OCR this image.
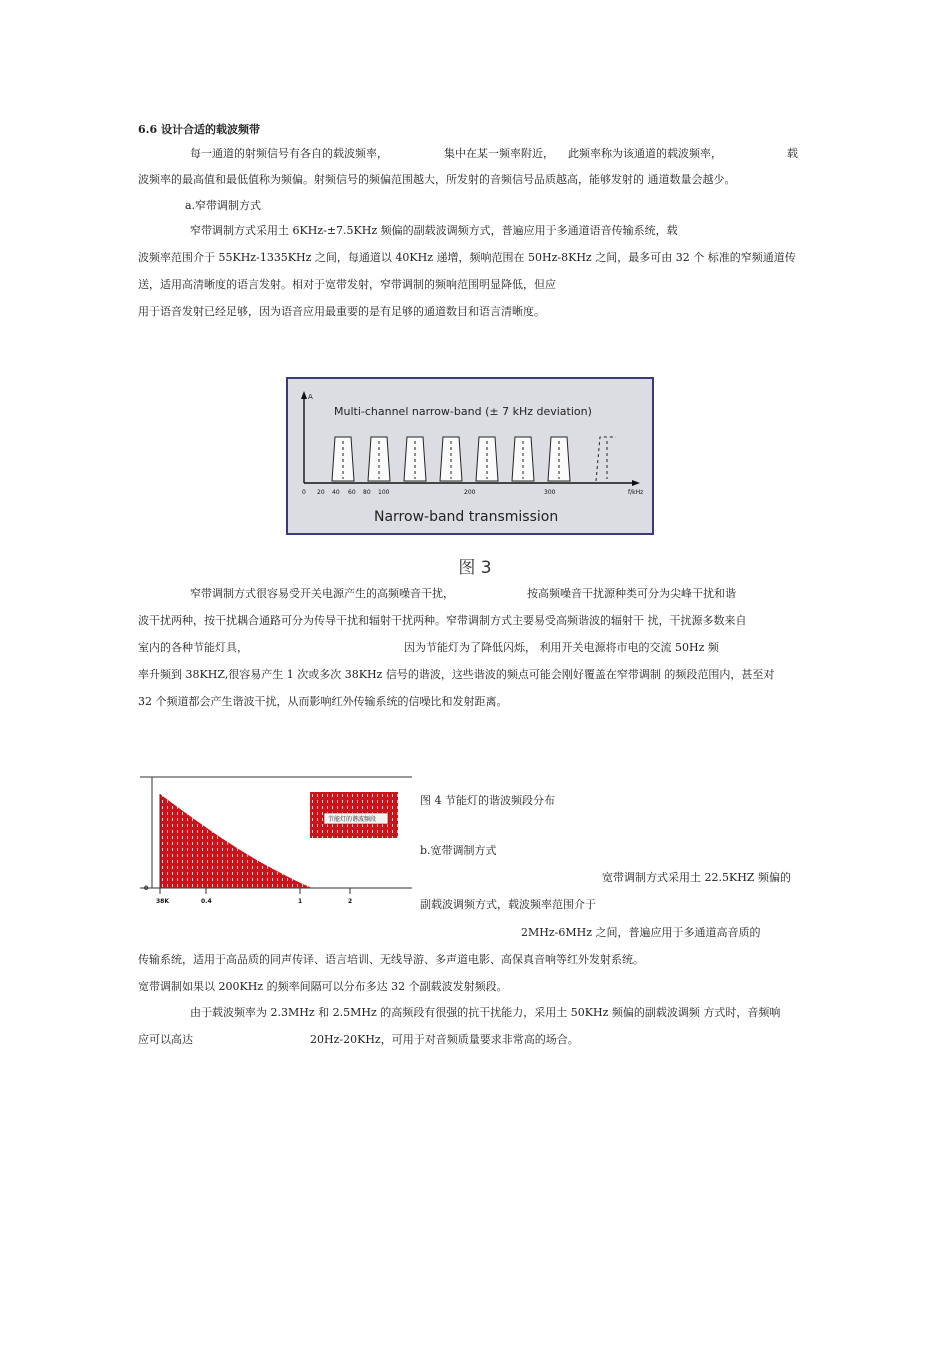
6.6 设计合适的载波频带
每一通道的射频信号有各自的载波频率，	集中在某一频率附近， 此频率称为该通道的载波频率，	载
波频率的最高值和最低值称为频偏。射频信号的频偏范围越大，所发射的音频信号品质越高，能够发射的 通道数量会越少。
a.窄带调制方式
窄带调制方式采用土 6KHz-±7.5KHz 频偏的副载波调频方式，普遍应用于多通道语音传输系统，载
波频率范围介于 55KHz-1335KHz 之间，每通道以 40KHz 递增，频响范围在 50Hz-8KHz 之间，最多可由 32 个 标准的窄频通道传
送，适用高清晰度的语言发射。相对于宽带发射，窄带调制的频响范围明显降低，但应
用于语音发射已经足够，因为语音应用最重要的是有足够的通道数目和语言清晰度。
A
Multi-channel narrow-band (± 7 kHz deviation)
0 20 40 60 80 100	200	300	f/kHz
Narrow-band transmission
图 3
窄带调制方式很容易受开关电源产生的高频噪音干扰，	按高频噪音干扰源种类可分为尖峰干扰和谐
波干扰两种，按干扰耦合通路可分为传导干扰和辐射干扰两种。窄带调制方式主要易受高频谐波的辐射干 扰，干扰源多数来自
室内的各种节能灯具，	因为节能灯为了降低闪烁， 利用开关电源将市电的交流 50Hz 频
率升频到 38KHZ,很容易产生 1 次或多次 38KHz 信号的谐波，这些谐波的频点可能会刚好覆盖在窄带调制 的频段范围内，甚至对
32 个频道都会产生谐波干扰，从而影响红外传输系统的信噪比和发射距离。
节能灯的谐波频段
0
38K	0.4	1	2
图 4 节能灯的谐波频段分布
b.宽带调制方式
宽带调制方式采用土 22.5KHZ 频偏的
副载波调频方式，载波频率范围介于
2MHz-6MHz 之间，普遍应用于多通道高音质的
传输系统，适用于高品质的同声传译、语言培训、无线导游、多声道电影、高保真音响等红外发射系统。
宽带调制如果以 200KHz 的频率间隔可以分布多达 32 个副载波发射频段。
由于载波频率为 2.3MHz 和 2.5MHz 的高频段有很强的抗干扰能力，采用土 50KHz 频偏的副载波调频 方式时，音频响
应可以高达	20Hz-20KHz，可用于对音频质量要求非常高的场合。
